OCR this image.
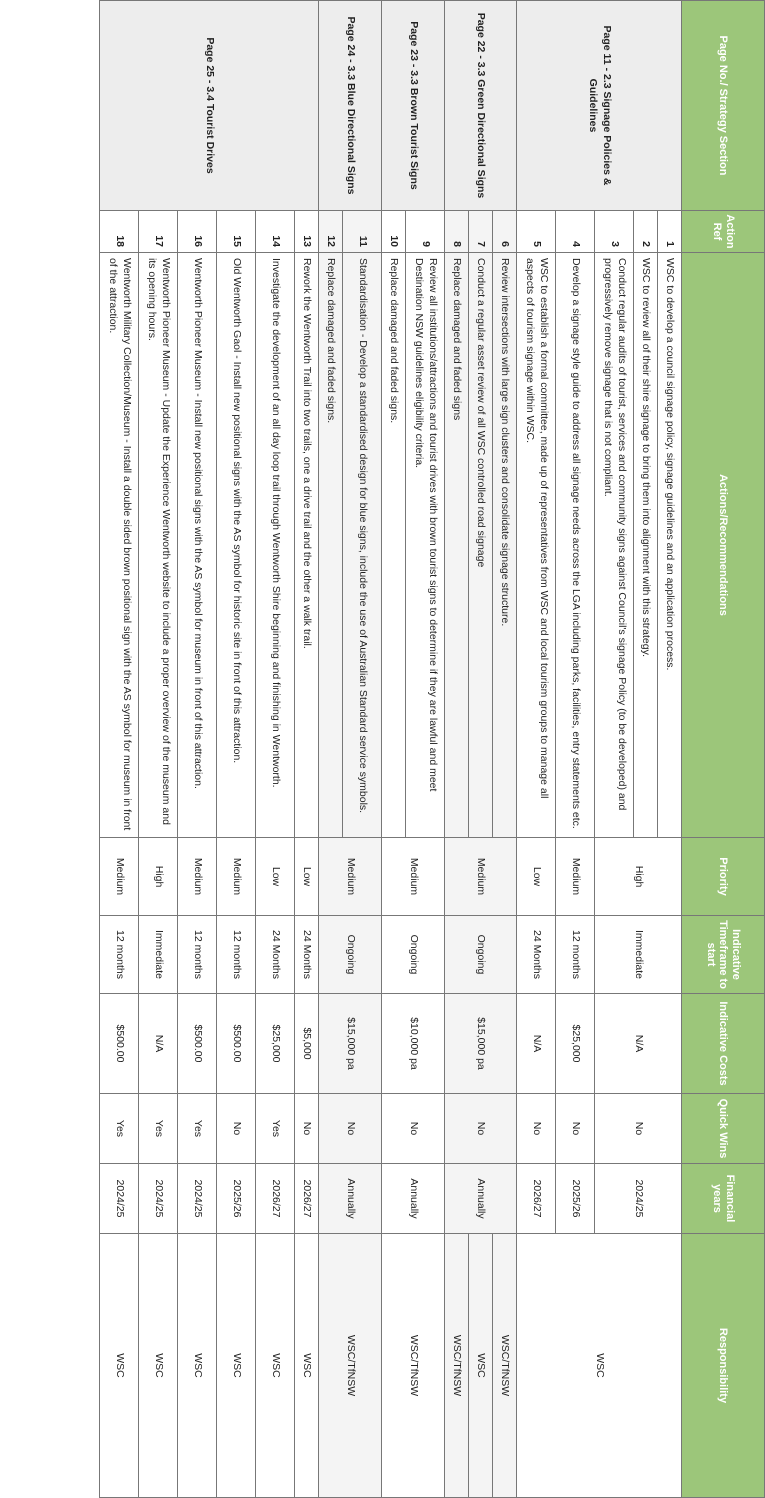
Page No./ Strategy Section	Action Ref	Actions/Recommendations	Priority	Indicative Timeframe to start	Indicative Costs	Quick Wins	Financial years	Responsibility
Page 11 - 2.3 Signage Policies & Guidelines	1	WSC to develop a council signage policy, signage guidelines and an application process.	High	Immediate	N/A	No	2024/25	WSC
	2	WSC to review all of their shire signage to bring them into alignment with this strategy.						
	3	Conduct regular audits of tourist, services and community signs against Council's signage Policy (to be developed) and progressively remove signage that is not compliant.						
	4	Develop a signage style guide to address all signage needs across the LGA including parks, facilities, entry statements etc.	Medium	12 months	$25,000	No	2025/26	
	5	WSC to establish a formal committee, made up of representatives from WSC and local tourism groups to manage all aspects of tourism signage within WSC.	Low	24 Months	N/A	No	2026/27	
Page 22 - 3.3 Green Directional Signs	6	Review intersections with large sign clusters and consolidate signage structure.	Medium	Ongoing	$15,000 pa	No	Annually	WSC/TfNSW
	7	Conduct a regular asset review of all WSC controlled road signage						WSC
	8	Replace damaged and faded signs						WSC/TfNSW
Page 23 - 3.3 Brown Tourist Signs	9	Review all institutions/attractions and tourist drives with brown tourist signs to determine if they are lawful and meet Destination NSW guidelines eligibility criteria.	Medium	Ongoing	$10,000 pa	No	Annually	WSC/TfNSW
	10	Replace damaged and faded signs.						
Page 24 - 3.3 Blue Directional Signs	11	Standardisation - Develop a standardised design for blue signs, include the use of Australian Standard service symbols.	Medium	Ongoing	$15,000 pa	No	Annually	WSC/TfNSW
	12	Replace damaged and faded signs.						
Page 25 - 3.4 Tourist Drives	13	Rework the Wentworth Trail into two trails, one a drive trail and the other a walk trail.	Low	24 Months	$5,000	No	2026/27	WSC
	14	Investigate the development of an all day loop trail through Wentworth Shire beginning and finishing in Wentworth.	Low	24 Months	$25,000	Yes	2026/27	WSC
	15	Old Wentworth Gaol - Install new positional signs with the AS symbol for historic site in front of this attraction.	Medium	12 months	$500.00	No	2025/26	WSC
	16	Wentworth Pioneer Museum - Install new positional signs with the AS symbol for museum in front of this attraction.	Medium	12 months	$500.00	Yes	2024/25	WSC
	17	Wentworth Pioneer Museum - Update the Experience Wentworth website to include a proper overview of the museum and its opening hours.	High	Immediate	N/A	Yes	2024/25	WSC
	18	Wentworth Military Collection/Museum - Install a double sided brown positional sign with the AS symbol for museum in front of the attraction.	Medium	12 months	$500.00	Yes	2024/25	WSC
